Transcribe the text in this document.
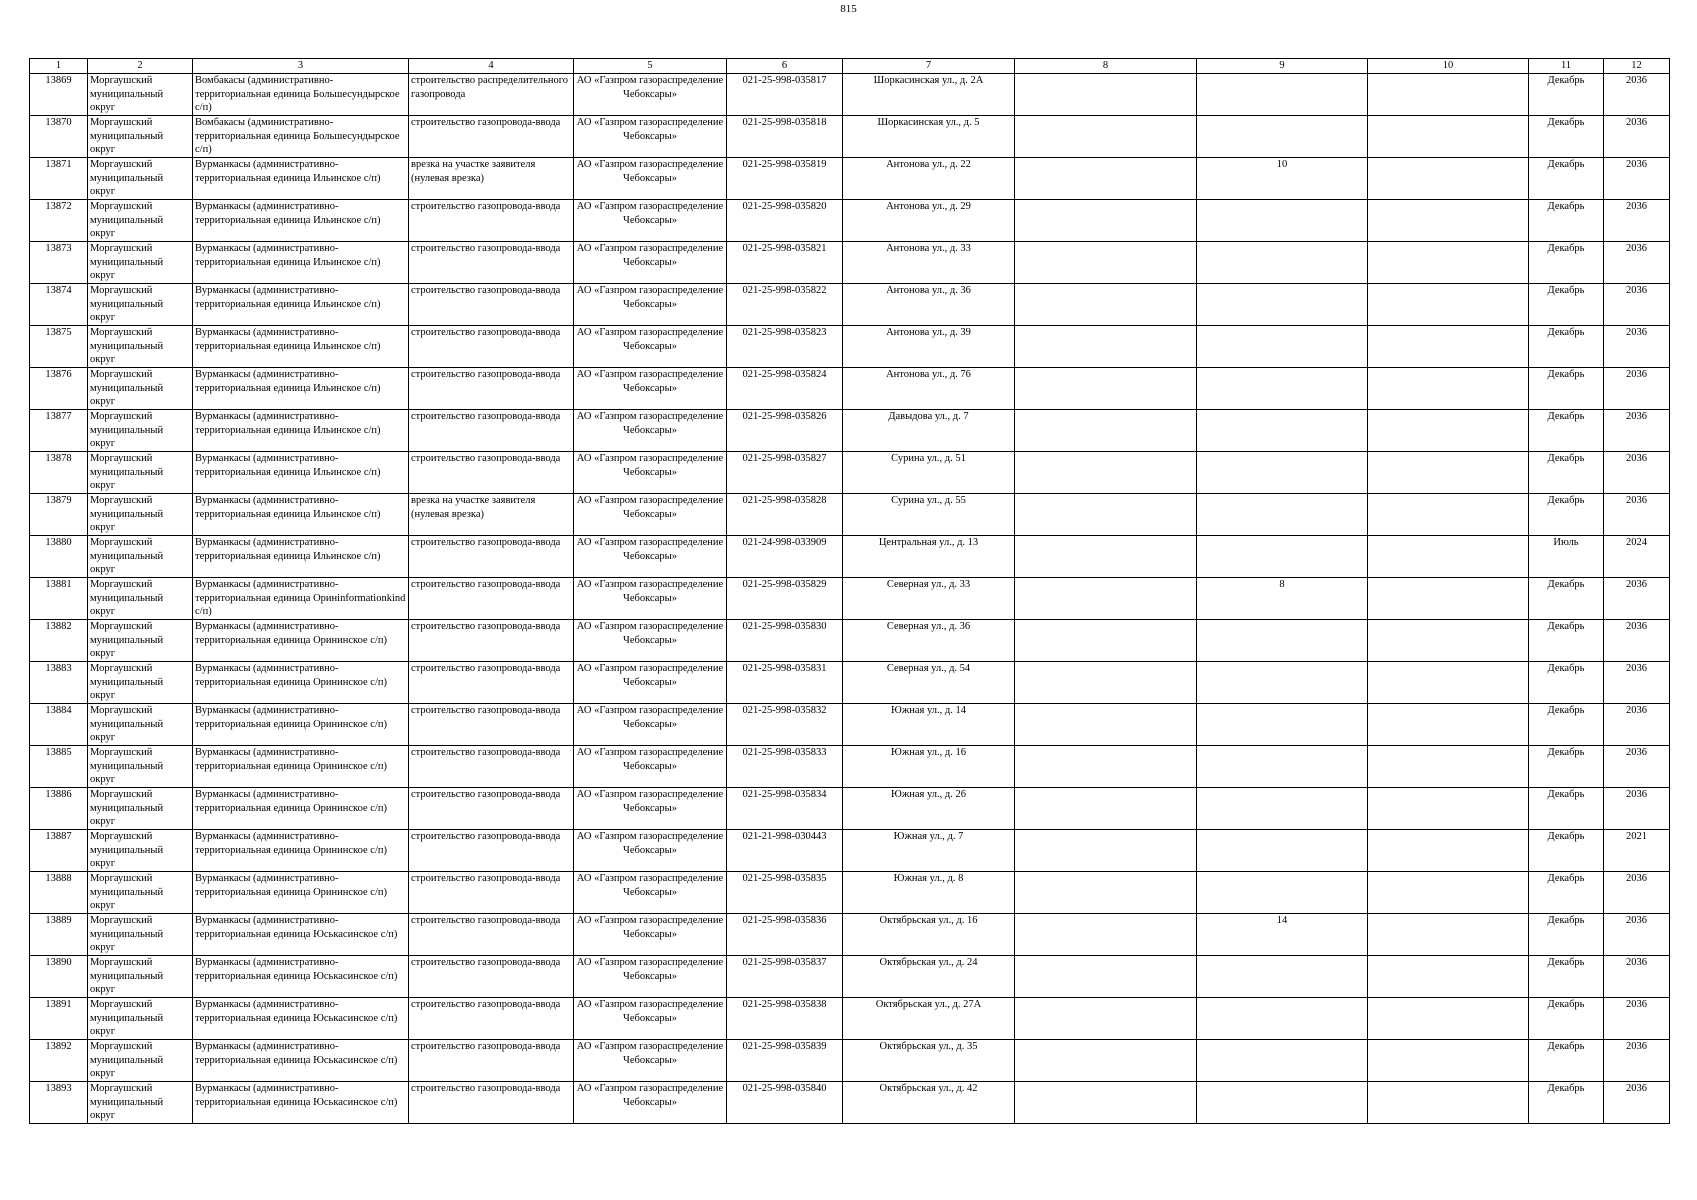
815
1	2	3	4	5	6	7	8	9	10	11	12

13869	Моргаушский муниципальный округ	Вомбакасы (административно-территориальная единица Большесундырское с/п)	строительство распределительного газопровода	АО «Газпром газораспределение Чебоксары»	021-25-998-035817	Шоркасинская ул., д. 2А				Декабрь	2036

13870	Моргаушский муниципальный округ	Вомбакасы (административно-территориальная единица Большесундырское с/п)	строительство газопровода-ввода	АО «Газпром газораспределение Чебоксары»	021-25-998-035818	Шоркасинская ул., д. 5				Декабрь	2036

13871	Моргаушский муниципальный округ	Вурманкасы (административно-территориальная единица Ильинское с/п)	врезка на участке заявителя (нулевая врезка)	АО «Газпром газораспределение Чебоксары»	021-25-998-035819	Антонова ул., д. 22		10		Декабрь	2036

13872	Моргаушский муниципальный округ	Вурманкасы (административно-территориальная единица Ильинское с/п)	строительство газопровода-ввода	АО «Газпром газораспределение Чебоксары»	021-25-998-035820	Антонова ул., д. 29				Декабрь	2036

13873	Моргаушский муниципальный округ	Вурманкасы (административно-территориальная единица Ильинское с/п)	строительство газопровода-ввода	АО «Газпром газораспределение Чебоксары»	021-25-998-035821	Антонова ул., д. 33				Декабрь	2036

13874	Моргаушский муниципальный округ	Вурманкасы (административно-территориальная единица Ильинское с/п)	строительство газопровода-ввода	АО «Газпром газораспределение Чебоксары»	021-25-998-035822	Антонова ул., д. 36				Декабрь	2036

13875	Моргаушский муниципальный округ	Вурманкасы (административно-территориальная единица Ильинское с/п)	строительство газопровода-ввода	АО «Газпром газораспределение Чебоксары»	021-25-998-035823	Антонова ул., д. 39				Декабрь	2036

13876	Моргаушский муниципальный округ	Вурманкасы (административно-территориальная единица Ильинское с/п)	строительство газопровода-ввода	АО «Газпром газораспределение Чебоксары»	021-25-998-035824	Антонова ул., д. 76				Декабрь	2036

13877	Моргаушский муниципальный округ	Вурманкасы (административно-территориальная единица Ильинское с/п)	строительство газопровода-ввода	АО «Газпром газораспределение Чебоксары»	021-25-998-035826	Давыдова ул., д. 7				Декабрь	2036

13878	Моргаушский муниципальный округ	Вурманкасы (административно-территориальная единица Ильинское с/п)	строительство газопровода-ввода	АО «Газпром газораспределение Чебоксары»	021-25-998-035827	Сурина ул., д. 51				Декабрь	2036

13879	Моргаушский муниципальный округ	Вурманкасы (административно-территориальная единица Ильинское с/п)	врезка на участке заявителя (нулевая врезка)	АО «Газпром газораспределение Чебоксары»	021-25-998-035828	Сурина ул., д. 55				Декабрь	2036

13880	Моргаушский муниципальный округ	Вурманкасы (административно-территориальная единица Ильинское с/п)	строительство газопровода-ввода	АО «Газпром газораспределение Чебоксары»	021-24-998-033909	Центральная ул., д. 13				Июль	2024

13881	Моргаушский муниципальный округ	Вурманкасы (административно-территориальная единица Оринinformationkind с/п)	строительство газопровода-ввода	АО «Газпром газораспределение Чебоксары»	021-25-998-035829	Северная ул., д. 33		8		Декабрь	2036

13882	Моргаушский муниципальный округ	Вурманкасы (административно-территориальная единица Орининское с/п)	строительство газопровода-ввода	АО «Газпром газораспределение Чебоксары»	021-25-998-035830	Северная ул., д. 36				Декабрь	2036

13883	Моргаушский муниципальный округ	Вурманкасы (административно-территориальная единица Орининское с/п)	строительство газопровода-ввода	АО «Газпром газораспределение Чебоксары»	021-25-998-035831	Северная ул., д. 54				Декабрь	2036

13884	Моргаушский муниципальный округ	Вурманкасы (административно-территориальная единица Орининское с/п)	строительство газопровода-ввода	АО «Газпром газораспределение Чебоксары»	021-25-998-035832	Южная ул., д. 14				Декабрь	2036

13885	Моргаушский муниципальный округ	Вурманкасы (административно-территориальная единица Орининское с/п)	строительство газопровода-ввода	АО «Газпром газораспределение Чебоксары»	021-25-998-035833	Южная ул., д. 16				Декабрь	2036

13886	Моргаушский муниципальный округ	Вурманкасы (административно-территориальная единица Орининское с/п)	строительство газопровода-ввода	АО «Газпром газораспределение Чебоксары»	021-25-998-035834	Южная ул., д. 26				Декабрь	2036

13887	Моргаушский муниципальный округ	Вурманкасы (административно-территориальная единица Орининское с/п)	строительство газопровода-ввода	АО «Газпром газораспределение Чебоксары»	021-21-998-030443	Южная ул., д. 7				Декабрь	2021

13888	Моргаушский муниципальный округ	Вурманкасы (административно-территориальная единица Орининское с/п)	строительство газопровода-ввода	АО «Газпром газораспределение Чебоксары»	021-25-998-035835	Южная ул., д. 8				Декабрь	2036

13889	Моргаушский муниципальный округ	Вурманкасы (административно-территориальная единица Юськасинское с/п)	строительство газопровода-ввода	АО «Газпром газораспределение Чебоксары»	021-25-998-035836	Октябрьская ул., д. 16		14		Декабрь	2036

13890	Моргаушский муниципальный округ	Вурманкасы (административно-территориальная единица Юськасинское с/п)	строительство газопровода-ввода	АО «Газпром газораспределение Чебоксары»	021-25-998-035837	Октябрьская ул., д. 24				Декабрь	2036

13891	Моргаушский муниципальный округ	Вурманкасы (административно-территориальная единица Юськасинское с/п)	строительство газопровода-ввода	АО «Газпром газораспределение Чебоксары»	021-25-998-035838	Октябрьская ул., д. 27А				Декабрь	2036

13892	Моргаушский муниципальный округ	Вурманкасы (административно-территориальная единица Юськасинское с/п)	строительство газопровода-ввода	АО «Газпром газораспределение Чебоксары»	021-25-998-035839	Октябрьская ул., д. 35				Декабрь	2036

13893	Моргаушский муниципальный округ	Вурманкасы (административно-территориальная единица Юськасинское с/п)	строительство газопровода-ввода	АО «Газпром газораспределение Чебоксары»	021-25-998-035840	Октябрьская ул., д. 42				Декабрь	2036
